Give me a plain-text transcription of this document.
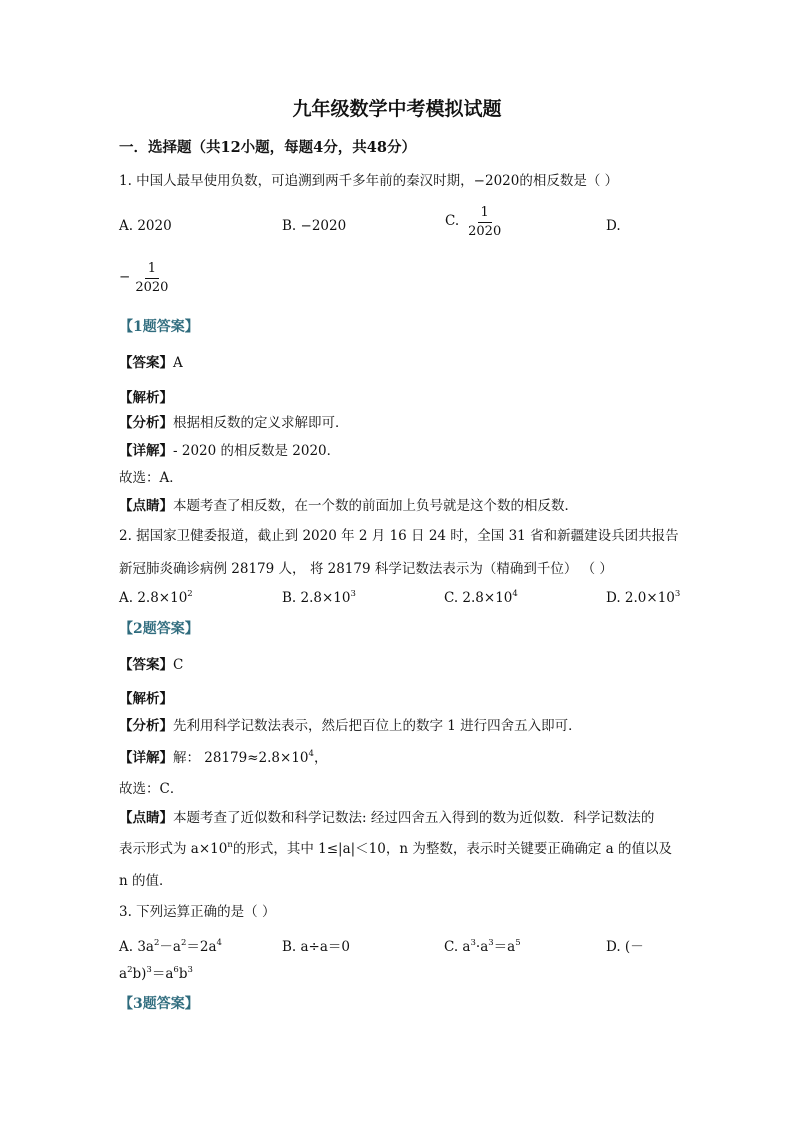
九年级数学中考模拟试题
一．选择题（共12小题，每题4分，共48分）
1. 中国人最早使用负数，可追溯到两千多年前的秦汉时期，−2020的相反数是（ ）
A. 2020	B. −2020	C. $\frac{1}{2020}$	D.
− $\frac{1}{2020}$
【1题答案】
【答案】A
【解析】
【分析】根据相反数的定义求解即可．
【详解】- 2020 的相反数是 2020．
故选：A．
【点睛】本题考查了相反数，在一个数的前面加上负号就是这个数的相反数．
2. 据国家卫健委报道，截止到 2020 年 2 月 16 日 24 时，全国 31 省和新疆建设兵团共报告
新冠肺炎确诊病例 28179 人， 将 28179 科学记数法表示为（精确到千位） （ ）
A. $2.8\times 10^2$	B. $2.8\times 10^3$	C. $2.8\times 10^4$	D. $2.0\times 10^3$
【2题答案】
【答案】C
【解析】
【分析】先利用科学记数法表示，然后把百位上的数字 1 进行四舍五入即可．
【详解】解： $28179\approx 2.8\times 10^4$，
故选：C．
【点睛】本题考查了近似数和科学记数法: 经过四舍五入得到的数为近似数．科学记数法的
表示形式为 $a\times 10^n$的形式，其中 1≤|a|＜10，n 为整数，表示时关键要正确确定 a 的值以及
n 的值．
3. 下列运算正确的是（ ）
A. $3a^2-a^2=2a^4$	B. a÷a＝0	C. $a^3\cdot a^3=a^5$	D. (－
$a^2b)^3=a^6b^3$
【3题答案】
